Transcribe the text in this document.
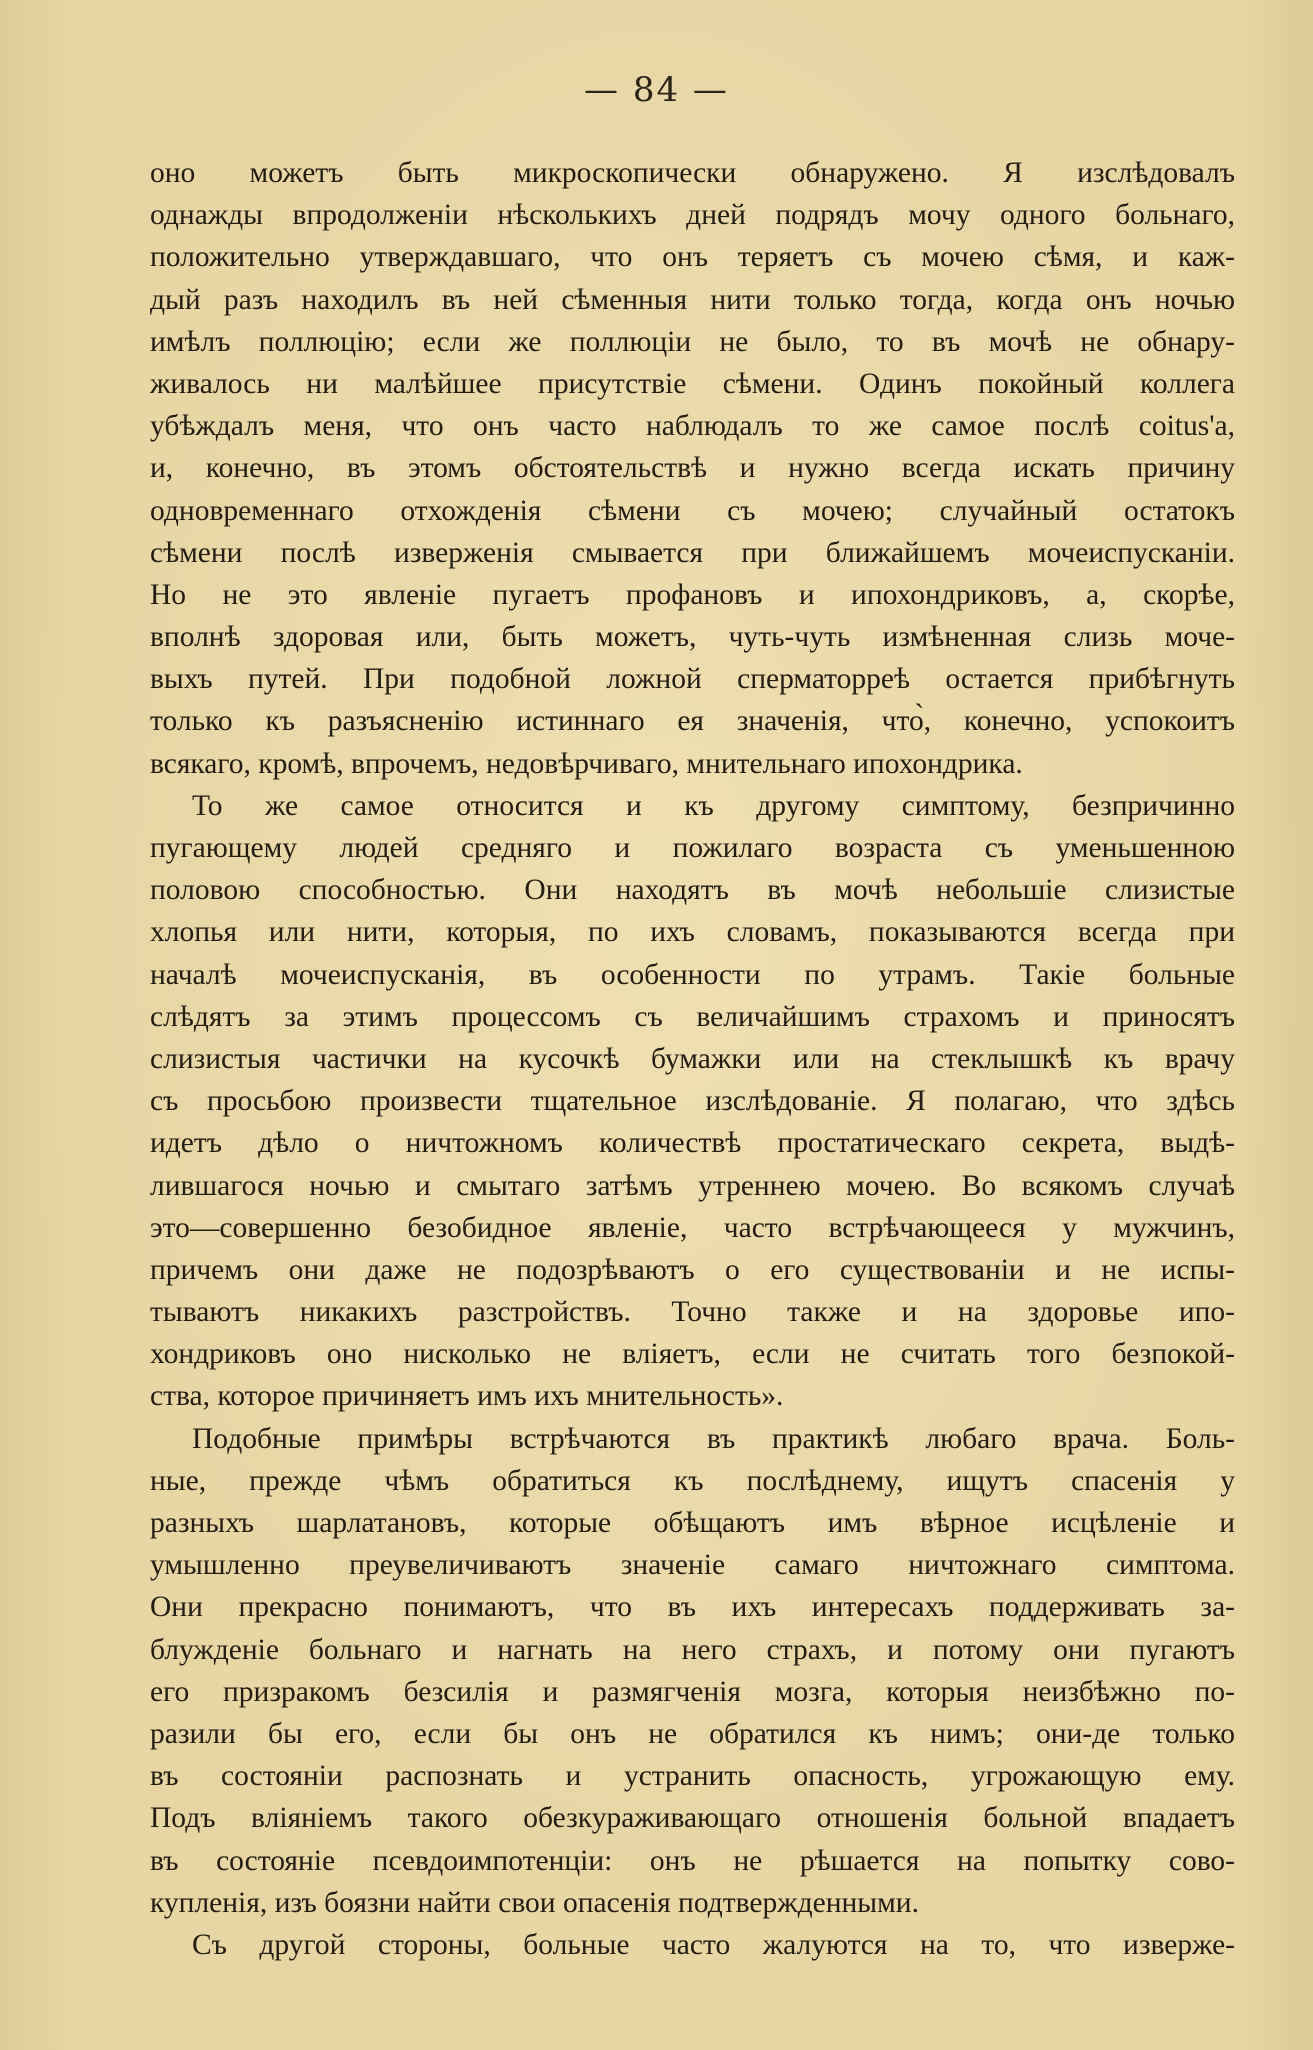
— 84 —
оно можетъ быть микроскопически обнаружено. Я изслѣдовалъ
однажды впродолженiи нѣсколькихъ дней подрядъ мочу одного больнаго,
положительно утверждавшаго, что онъ теряетъ съ мочею сѣмя, и каж-
дый разъ находилъ въ ней сѣменныя нити только тогда, когда онъ ночью
имѣлъ поллюцiю; если же поллюцiи не было, то въ мочѣ не обнару-
живалось ни малѣйшее присутствiе сѣмени. Одинъ покойный коллега
убѣждалъ меня, что онъ часто наблюдалъ то же самое послѣ coitus'а,
и, конечно, въ этомъ обстоятельствѣ и нужно всегда искать причину
одновременнаго отхожденiя сѣмени съ мочею; случайный остатокъ
сѣмени послѣ изверженiя смывается при ближайшемъ мочеиспусканiи.
Но не это явленiе пугаетъ профановъ и ипохондриковъ, а, скорѣе,
вполнѣ здоровая или, быть можетъ, чуть-чуть измѣненная слизь моче-
выхъ путей. При подобной ложной сперматорреѣ остается прибѣгнуть
только къ разъясненiю истиннаго ея значенiя, что̀, конечно, успокоитъ
всякаго, кромѣ, впрочемъ, недовѣрчиваго, мнительнаго ипохондрика.
То же самое относится и къ другому симптому, безпричинно
пугающему людей средняго и пожилаго возраста съ уменьшенною
половою способностью. Они находятъ въ мочѣ небольшiе слизистые
хлопья или нити, которыя, по ихъ словамъ, показываются всегда при
началѣ мочеиспусканiя, въ особенности по утрамъ. Такiе больные
слѣдятъ за этимъ процессомъ съ величайшимъ страхомъ и приносятъ
слизистыя частички на кусочкѣ бумажки или на стеклышкѣ къ врачу
съ просьбою произвести тщательное изслѣдованiе. Я полагаю, что здѣсь
идетъ дѣло о ничтожномъ количествѣ простатическаго секрета, выдѣ-
лившагося ночью и смытаго затѣмъ утреннею мочею. Во всякомъ случаѣ
это—совершенно безобидное явленiе, часто встрѣчающееся у мужчинъ,
причемъ они даже не подозрѣваютъ о его существованiи и не испы-
тываютъ никакихъ разстройствъ. Точно также и на здоровье ипо-
хондриковъ оно нисколько не влiяетъ, если не считать того безпокой-
ства, которое причиняетъ имъ ихъ мнительность».
Подобные примѣры встрѣчаются въ практикѣ любаго врача. Боль-
ные, прежде чѣмъ обратиться къ послѣднему, ищутъ спасенiя у
разныхъ шарлатановъ, которые обѣщаютъ имъ вѣрное исцѣленiе и
умышленно преувеличиваютъ значенiе самаго ничтожнаго симптома.
Они прекрасно понимаютъ, что въ ихъ интересахъ поддерживать за-
блужденiе больнаго и нагнать на него страхъ, и потому они пугаютъ
его призракомъ безсилiя и размягченiя мозга, которыя неизбѣжно по-
разили бы его, если бы онъ не обратился къ нимъ; они-де только
въ состоянiи распознать и устранить опасность, угрожающую ему.
Подъ влiянiемъ такого обезкураживающаго отношенiя больной впадаетъ
въ состоянiе псевдоимпотенцiи: онъ не рѣшается на попытку сово-
купленiя, изъ боязни найти свои опасенiя подтвержденными.
Съ другой стороны, больные часто жалуются на то, что изверже-
